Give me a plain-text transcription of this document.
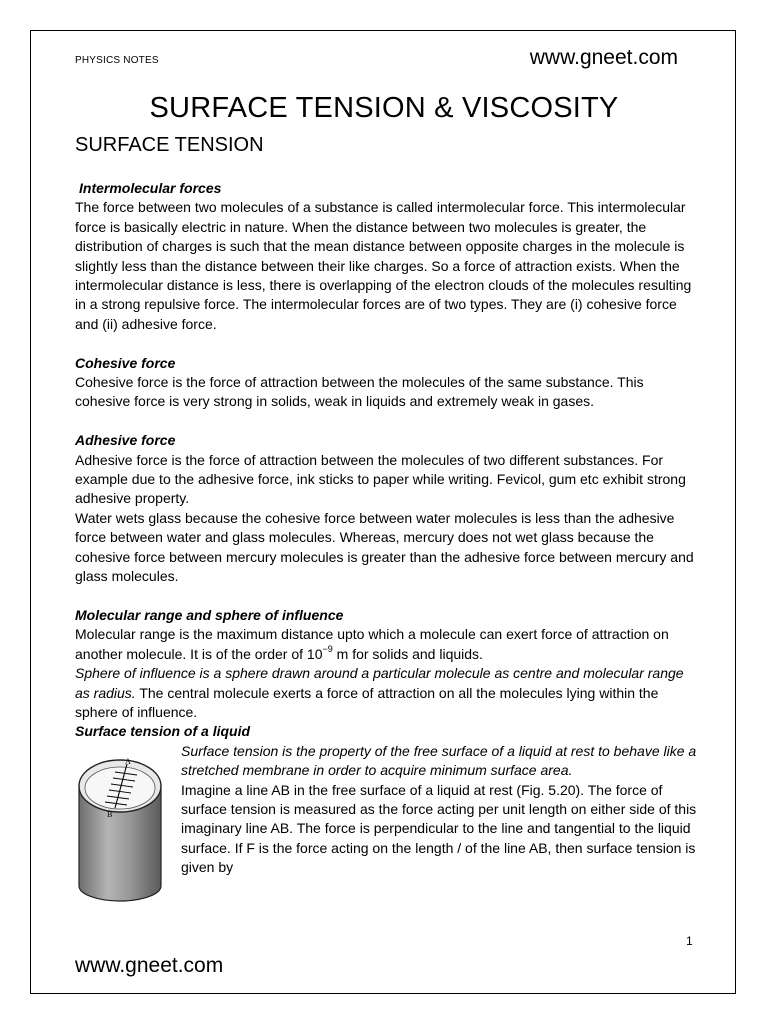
PHYSICS NOTES	www.gneet.com
SURFACE TENSION & VISCOSITY
SURFACE TENSION

Intermolecular forces

The force between two molecules of a substance is called intermolecular force. This intermolecular force is basically electric in nature. When the distance between two molecules is greater, the distribution of charges is such that the mean distance between opposite charges in the molecule is slightly less than the distance between their like charges. So a force of attraction exists. When the intermolecular distance is less, there is overlapping of the electron clouds of the molecules resulting in a strong repulsive force. The intermolecular forces are of two types. They are (i) cohesive force and (ii) adhesive force.

Cohesive force

Cohesive force is the force of attraction between the molecules of the same substance. This cohesive force is very strong in solids, weak in liquids and extremely weak in gases.

Adhesive force

Adhesive force is the force of attraction between the molecules of two different substances. For example due to the adhesive force, ink sticks to paper while writing. Fevicol, gum etc exhibit strong adhesive property.

Water wets glass because the cohesive force between water molecules is less than the adhesive force between water and glass molecules. Whereas, mercury does not wet glass because the cohesive force between mercury molecules is greater than the adhesive force between mercury and glass molecules.

Molecular range and sphere of influence

Molecular range is the maximum distance upto which a molecule can exert force of attraction on another molecule. It is of the order of $10^{-9}$ m for solids and liquids.

Sphere of influence is a sphere drawn around a particular molecule as centre and molecular range as radius. The central molecule exerts a force of attraction on all the molecules lying within the sphere of influence.

Surface tension of a liquid

A
B

Surface tension is the property of the free surface of a liquid at rest to behave like a stretched membrane in order to acquire minimum surface area.

Imagine a line AB in the free surface of a liquid at rest (Fig. 5.20). The force of surface tension is measured as the force acting per unit length on either side of this imaginary line AB. The force is perpendicular to the line and tangential to the liquid surface. If F is the force acting on the length / of the line AB, then surface tension is given by

1
www.gneet.com
